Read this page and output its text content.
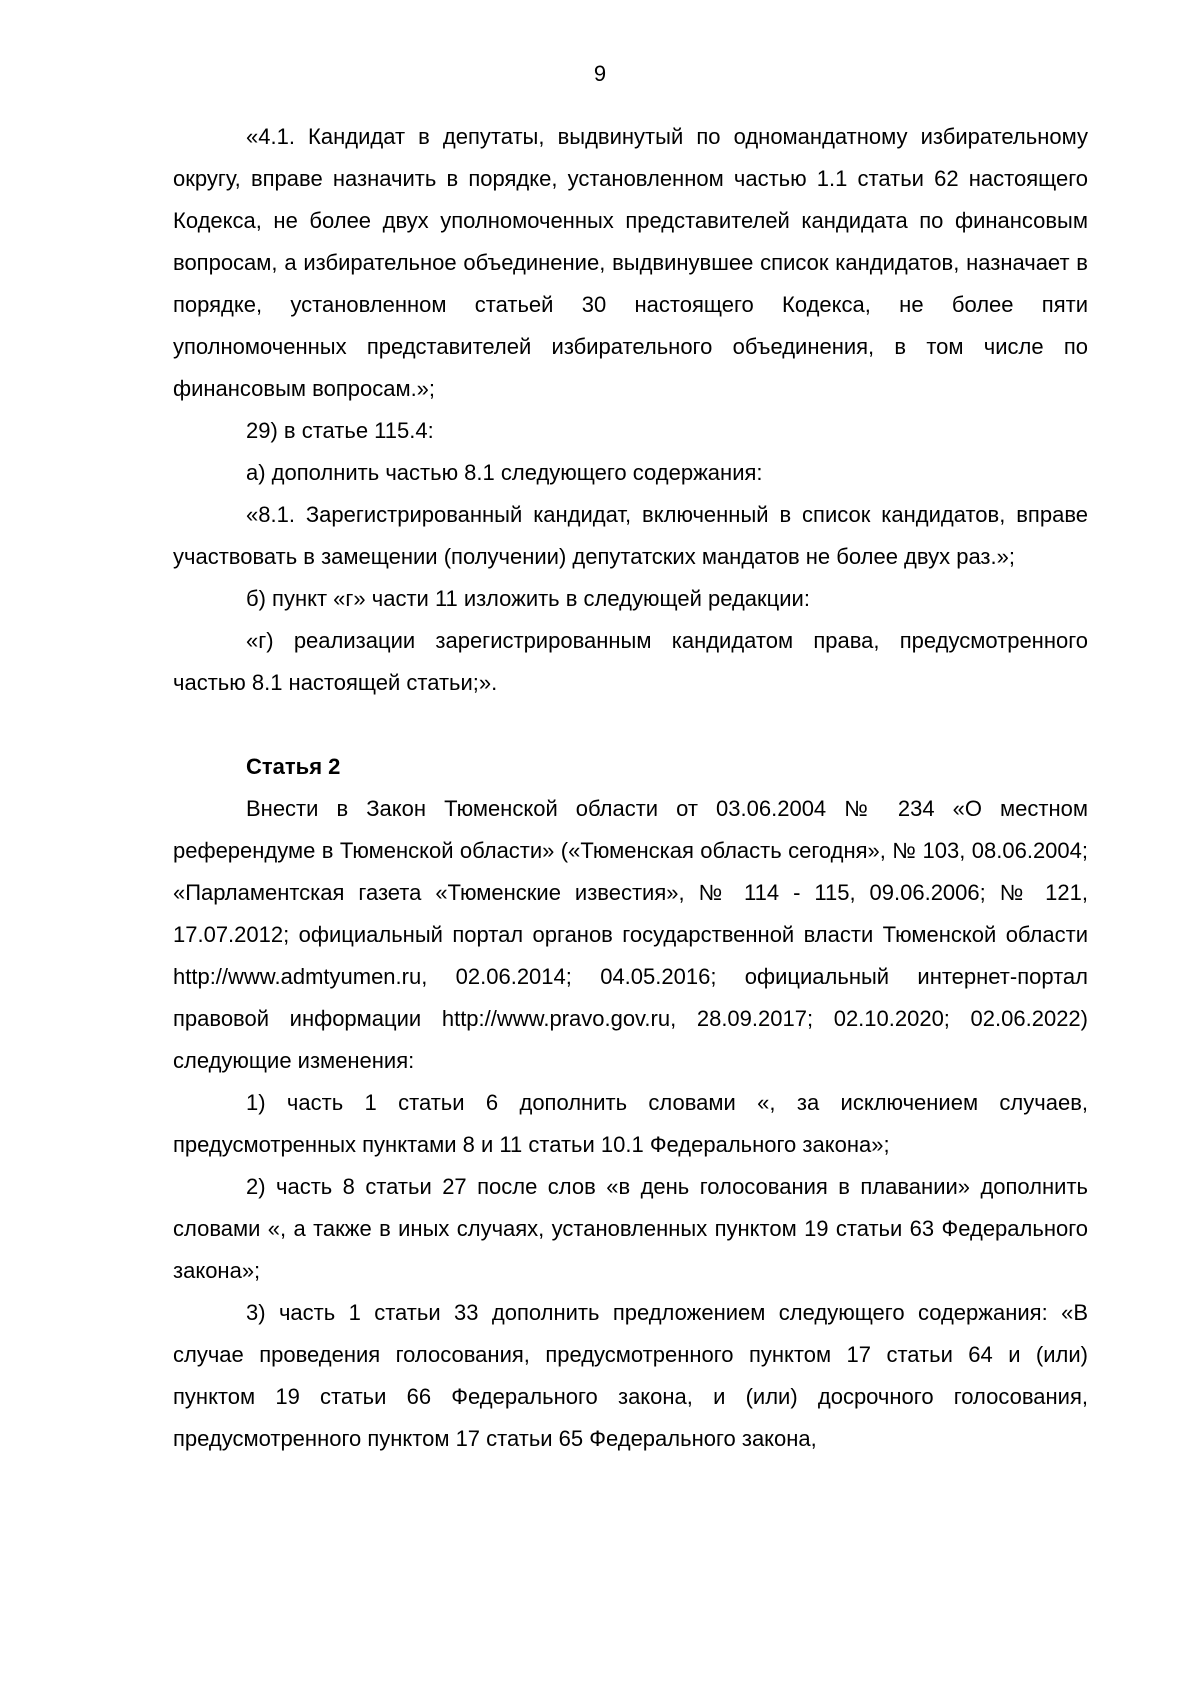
9

«4.1. Кандидат в депутаты, выдвинутый по одномандатному избирательному округу, вправе назначить в порядке, установленном частью 1.1 статьи 62 настоящего Кодекса, не более двух уполномоченных представителей кандидата по финансовым вопросам, а избирательное объединение, выдвинувшее список кандидатов, назначает в порядке, установленном статьей 30 настоящего Кодекса, не более пяти уполномоченных представителей избирательного объединения, в том числе по финансовым вопросам.»;

29) в статье 115.4:

а) дополнить частью 8.1 следующего содержания:

«8.1. Зарегистрированный кандидат, включенный в список кандидатов, вправе участвовать в замещении (получении) депутатских мандатов не более двух раз.»;

б) пункт «г» части 11 изложить в следующей редакции:

«г) реализации зарегистрированным кандидатом права, предусмотренного частью 8.1 настоящей статьи;».

Статья 2

Внести в Закон Тюменской области от 03.06.2004 № 234 «О местном референдуме в Тюменской области» («Тюменская область сегодня», № 103, 08.06.2004; «Парламентская газета «Тюменские известия», № 114 - 115, 09.06.2006; № 121, 17.07.2012; официальный портал органов государственной власти Тюменской области http://www.admtyumen.ru, 02.06.2014; 04.05.2016; официальный интернет-портал правовой информации http://www.pravo.gov.ru, 28.09.2017; 02.10.2020; 02.06.2022) следующие изменения:

1) часть 1 статьи 6 дополнить словами «, за исключением случаев, предусмотренных пунктами 8 и 11 статьи 10.1 Федерального закона»;

2) часть 8 статьи 27 после слов «в день голосования в плавании» дополнить словами «, а также в иных случаях, установленных пунктом 19 статьи 63 Федерального закона»;

3) часть 1 статьи 33 дополнить предложением следующего содержания: «В случае проведения голосования, предусмотренного пунктом 17 статьи 64 и (или) пунктом 19 статьи 66 Федерального закона, и (или) досрочного голосования, предусмотренного пунктом 17 статьи 65 Федерального закона,
